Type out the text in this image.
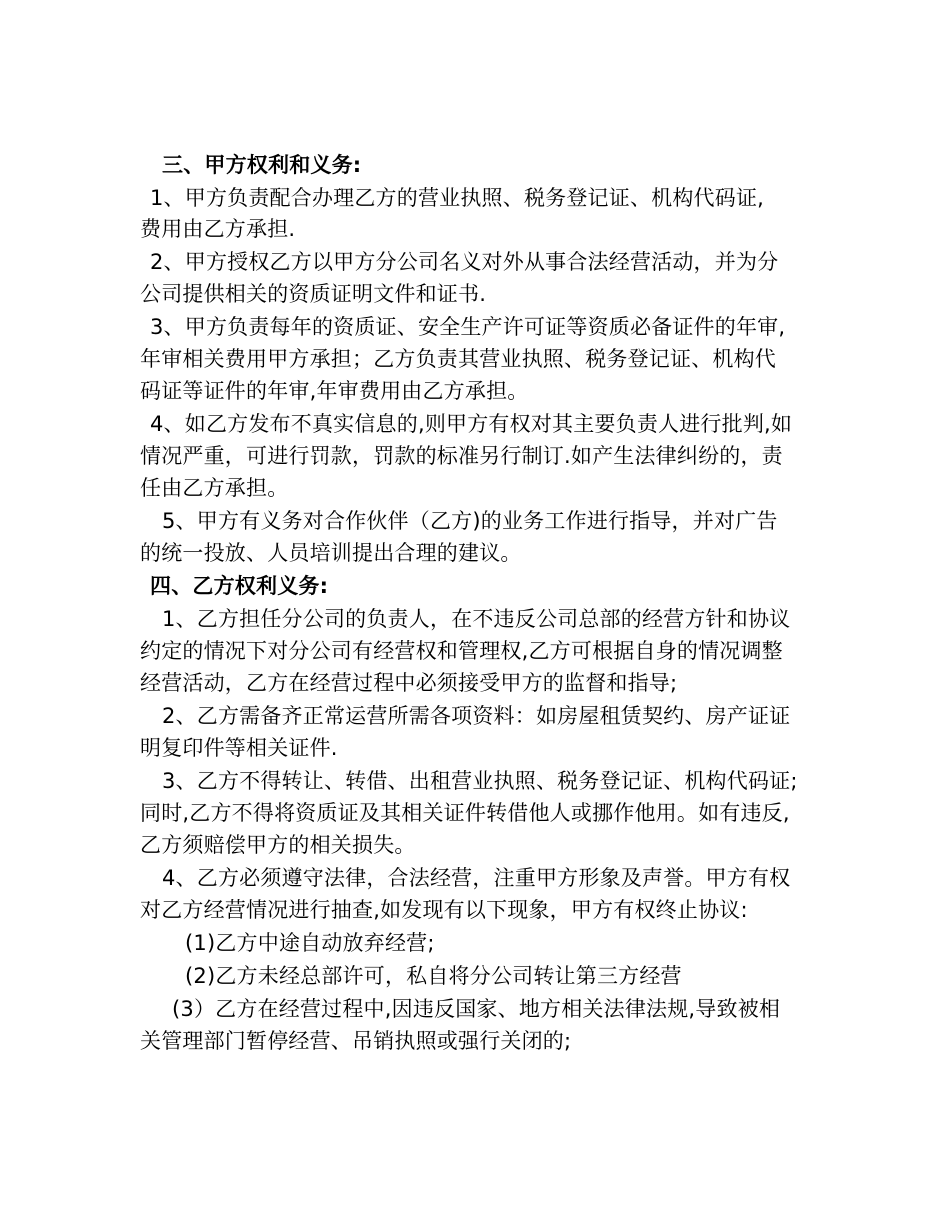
三、甲方权利和义务:
1、甲方负责配合办理乙方的营业执照、税务登记证、机构代码证,
费用由乙方承担.
2、甲方授权乙方以甲方分公司名义对外从事合法经营活动，并为分
公司提供相关的资质证明文件和证书.
3、甲方负责每年的资质证、安全生产许可证等资质必备证件的年审,
年审相关费用甲方承担；乙方负责其营业执照、税务登记证、机构代
码证等证件的年审,年审费用由乙方承担。
4、如乙方发布不真实信息的,则甲方有权对其主要负责人进行批判,如
情况严重，可进行罚款，罚款的标准另行制订.如产生法律纠纷的，责
任由乙方承担。
5、甲方有义务对合作伙伴（乙方)的业务工作进行指导，并对广告
的统一投放、人员培训提出合理的建议。
四、乙方权利义务:
1、乙方担任分公司的负责人，在不违反公司总部的经营方针和协议
约定的情况下对分公司有经营权和管理权,乙方可根据自身的情况调整
经营活动，乙方在经营过程中必须接受甲方的监督和指导;
2、乙方需备齐正常运营所需各项资料：如房屋租赁契约、房产证证
明复印件等相关证件.
3、乙方不得转让、转借、出租营业执照、税务登记证、机构代码证;
同时,乙方不得将资质证及其相关证件转借他人或挪作他用。如有违反,
乙方须赔偿甲方的相关损失。
4、乙方必须遵守法律，合法经营，注重甲方形象及声誉。甲方有权
对乙方经营情况进行抽查,如发现有以下现象，甲方有权终止协议:
(1)乙方中途自动放弃经营;
(2)乙方未经总部许可，私自将分公司转让第三方经营
(3）乙方在经营过程中,因违反国家、地方相关法律法规,导致被相
关管理部门暂停经营、吊销执照或强行关闭的;
